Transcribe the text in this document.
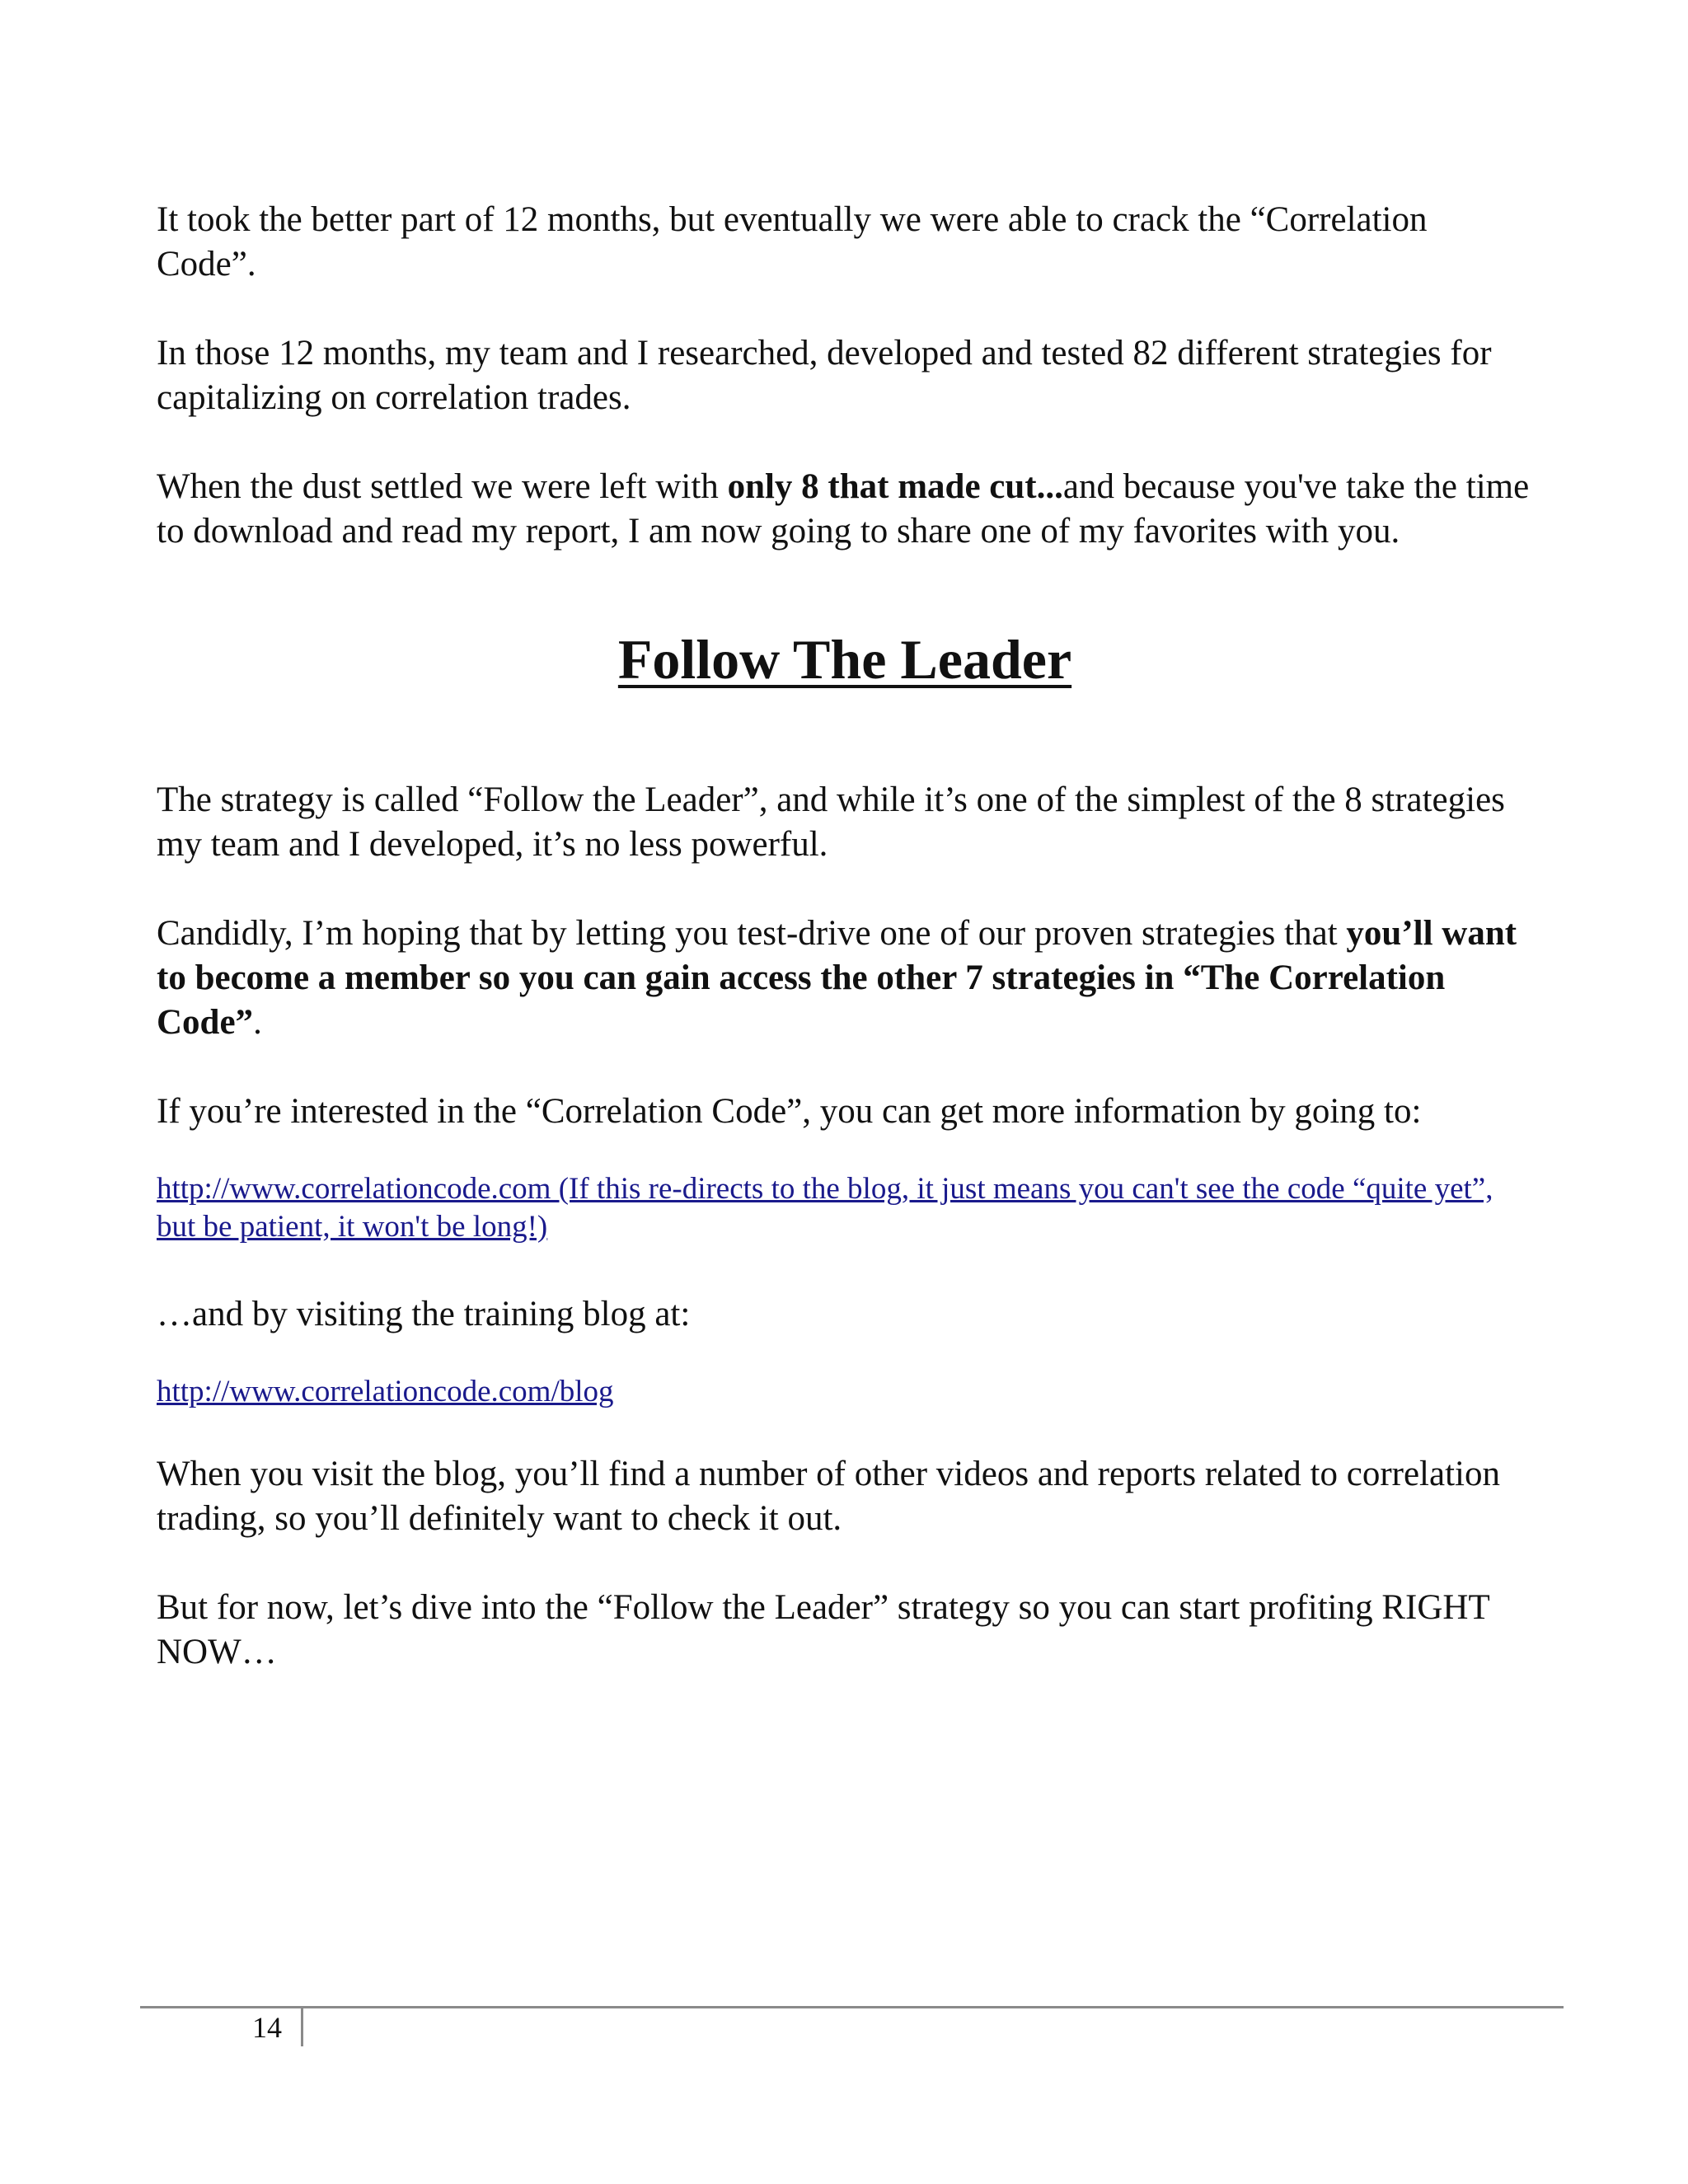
It took the better part of 12 months, but eventually we were able to crack the “Correlation Code”.

In those 12 months, my team and I researched, developed and tested 82 different strategies for capitalizing on correlation trades.

When the dust settled we were left with only 8 that made cut...and because you've take the time to download and read my report, I am now going to share one of my favorites with you.

Follow The Leader

The strategy is called “Follow the Leader”, and while it’s one of the simplest of the 8 strategies my team and I developed, it’s no less powerful.

Candidly, I’m hoping that by letting you test-drive one of our proven strategies that you’ll want to become a member so you can gain access the other 7 strategies in “The Correlation Code”.

If you’re interested in the “Correlation Code”, you can get more information by going to:

http://www.correlationcode.com (If this re-directs to the blog, it just means you can't see the code “quite yet”, but be patient, it won't be long!)

…and by visiting the training blog at:

http://www.correlationcode.com/blog

When you visit the blog, you’ll find a number of other videos and reports related to correlation trading, so you’ll definitely want to check it out.

But for now, let’s dive into the “Follow the Leader” strategy so you can start profiting RIGHT NOW…

14
